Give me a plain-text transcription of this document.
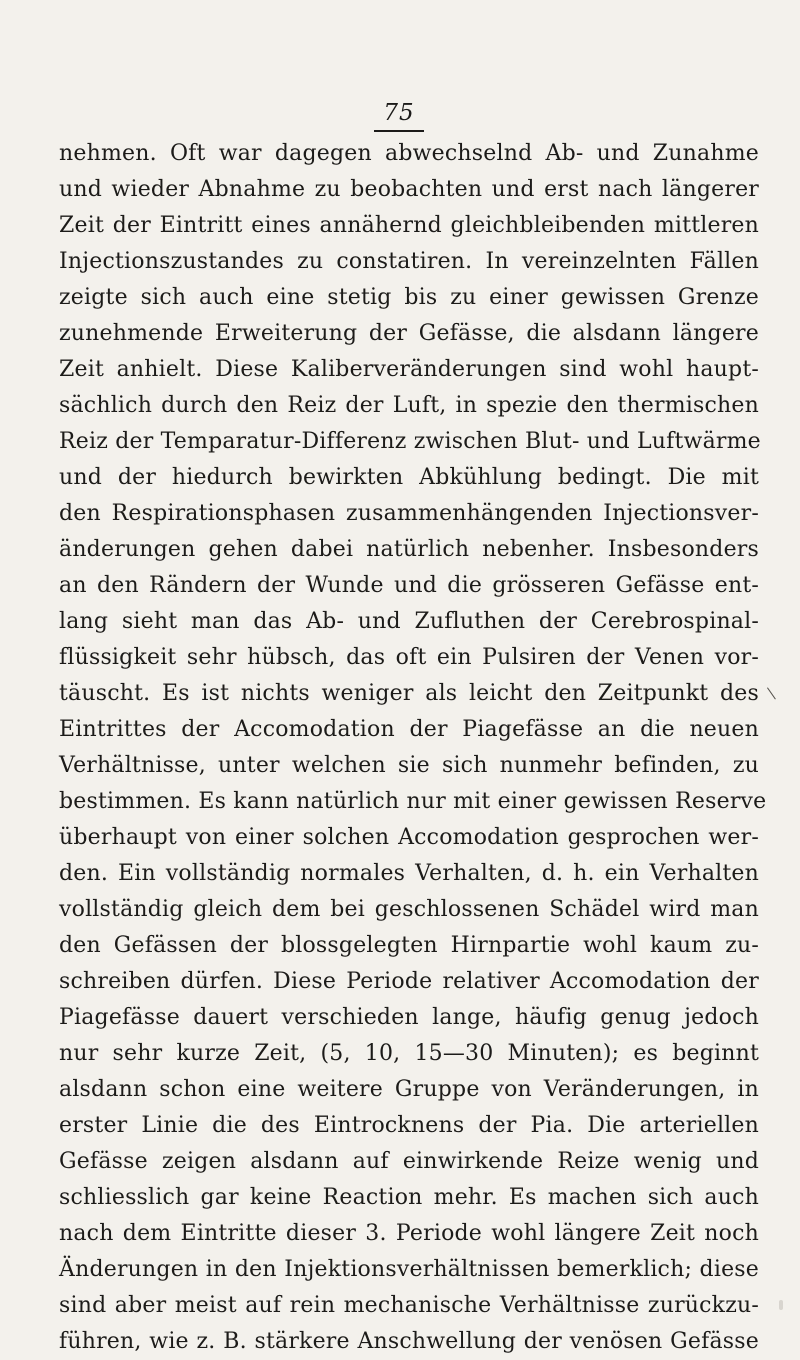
75
nehmen. Oft war dagegen abwechselnd Ab- und Zunahme
und wieder Abnahme zu beobachten und erst nach längerer
Zeit der Eintritt eines annähernd gleichbleibenden mittleren
Injectionszustandes zu constatiren. In vereinzelnten Fällen
zeigte sich auch eine stetig bis zu einer gewissen Grenze
zunehmende Erweiterung der Gefässe, die alsdann längere
Zeit anhielt. Diese Kaliberveränderungen sind wohl haupt-
sächlich durch den Reiz der Luft, in spezie den thermischen
Reiz der Temparatur-Differenz zwischen Blut- und Luftwärme
und der hiedurch bewirkten Abkühlung bedingt. Die mit
den Respirationsphasen zusammenhängenden Injectionsver-
änderungen gehen dabei natürlich nebenher. Insbesonders
an den Rändern der Wunde und die grösseren Gefässe ent-
lang sieht man das Ab- und Zufluthen der Cerebrospinal-
flüssigkeit sehr hübsch, das oft ein Pulsiren der Venen vor-
täuscht. Es ist nichts weniger als leicht den Zeitpunkt des
Eintrittes der Accomodation der Piagefässe an die neuen
Verhältnisse, unter welchen sie sich nunmehr befinden, zu
bestimmen. Es kann natürlich nur mit einer gewissen Reserve
überhaupt von einer solchen Accomodation gesprochen wer-
den. Ein vollständig normales Verhalten, d. h. ein Verhalten
vollständig gleich dem bei geschlossenen Schädel wird man
den Gefässen der blossgelegten Hirnpartie wohl kaum zu-
schreiben dürfen. Diese Periode relativer Accomodation der
Piagefässe dauert verschieden lange, häufig genug jedoch
nur sehr kurze Zeit, (5, 10, 15—30 Minuten); es beginnt
alsdann schon eine weitere Gruppe von Veränderungen, in
erster Linie die des Eintrocknens der Pia. Die arteriellen
Gefässe zeigen alsdann auf einwirkende Reize wenig und
schliesslich gar keine Reaction mehr. Es machen sich auch
nach dem Eintritte dieser 3. Periode wohl längere Zeit noch
Änderungen in den Injektionsverhältnissen bemerklich; diese
sind aber meist auf rein mechanische Verhältnisse zurückzu-
führen, wie z. B. stärkere Anschwellung der venösen Gefässe
